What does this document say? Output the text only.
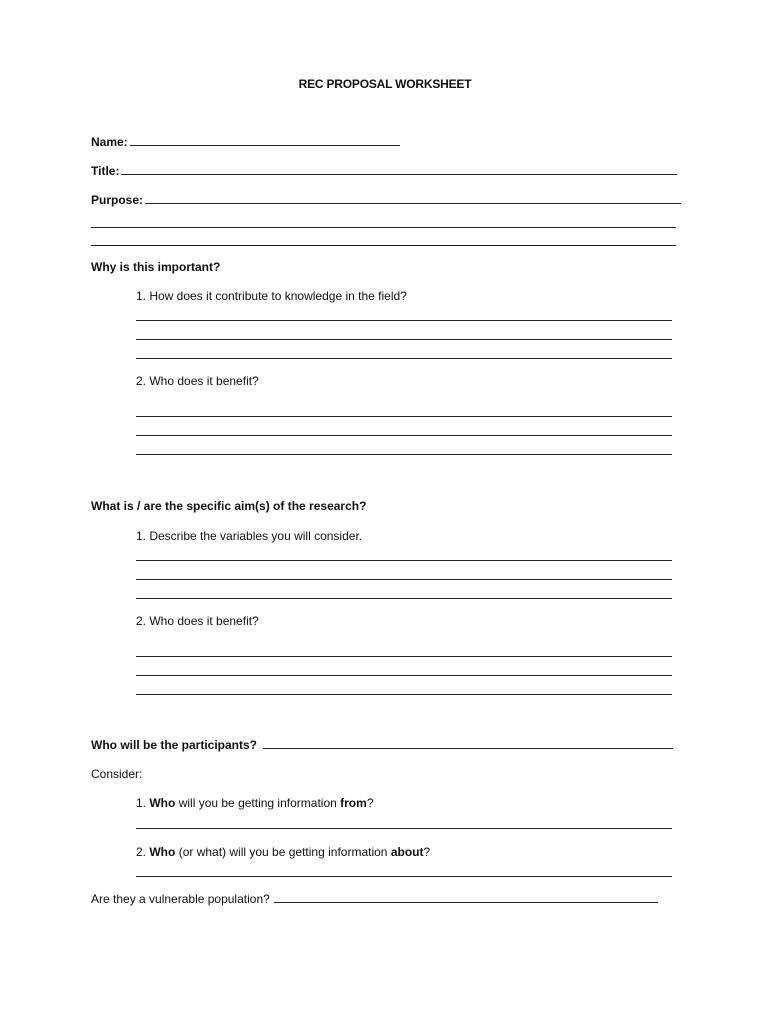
REC PROPOSAL WORKSHEET
Name:
Title:
Purpose:
Why is this important?
1. How does it contribute to knowledge in the field?
2. Who does it benefit?
What is / are the specific aim(s) of the research?
1. Describe the variables you will consider.
2. Who does it benefit?
Who will be the participants?
Consider:
1. Who will you be getting information from?
2. Who (or what) will you be getting information about?
Are they a vulnerable population?
